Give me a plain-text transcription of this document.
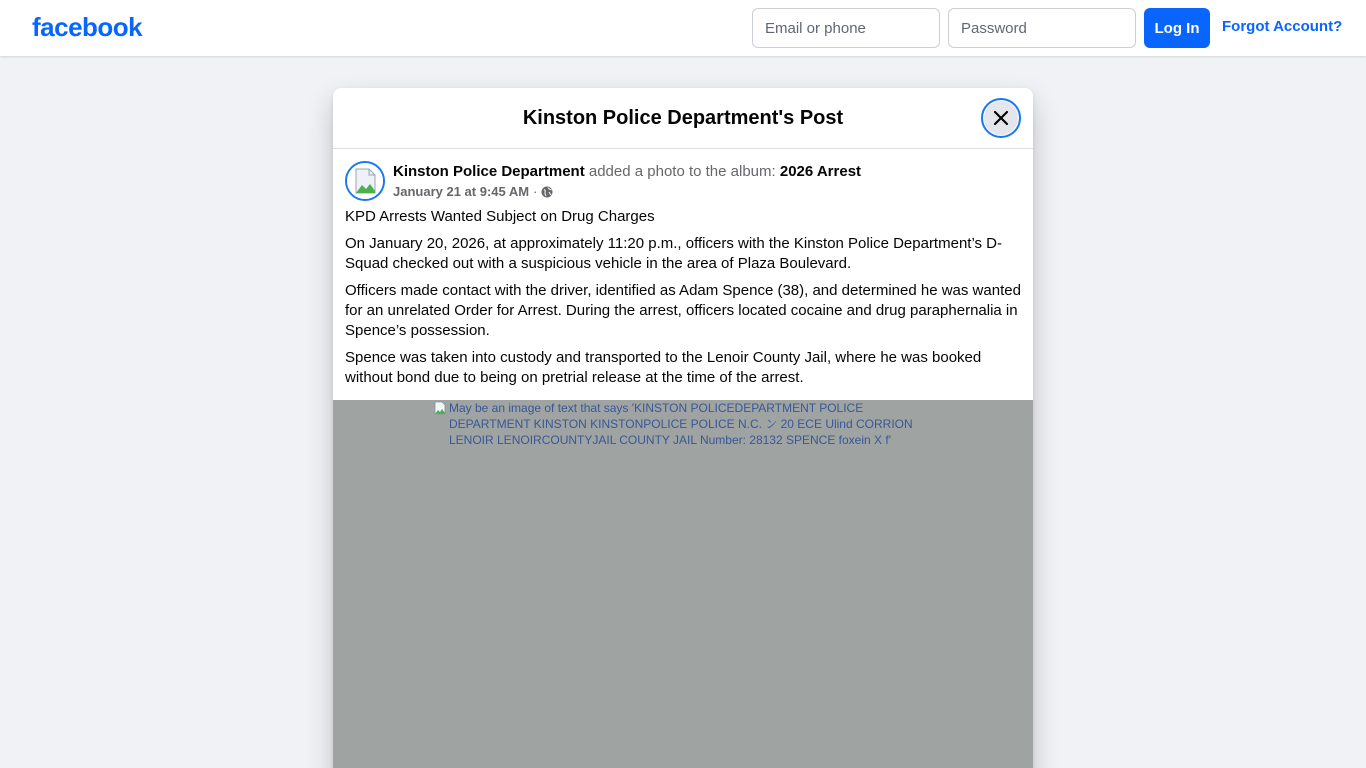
facebook
Email or phone	Log In	Forgot Account?
Kinston Police Department's Post
Kinston Police Department added a photo to the album: 2026 Arrest
January 21 at 9:45 AM ·

KPD Arrests Wanted Subject on Drug Charges

On January 20, 2026, at approximately 11:20 p.m., officers with the Kinston Police Department’s D-Squad checked out with a suspicious vehicle in the area of Plaza Boulevard.

Officers made contact with the driver, identified as Adam Spence (38), and determined he was wanted for an unrelated Order for Arrest. During the arrest, officers located cocaine and drug paraphernalia in Spence’s possession.

Spence was taken into custody and transported to the Lenoir County Jail, where he was booked without bond due to being on pretrial release at the time of the arrest.

May be an image of text that says 'KINSTON POLICEDEPARTMENT POLICE DEPARTMENT KINSTON KINSTONPOLICE POLICE N.C. ン 20 ECE Ulind CORRION LENOIR LENOIRCOUNTYJAIL COUNTY JAIL Number: 28132 SPENCE foxein X f'
